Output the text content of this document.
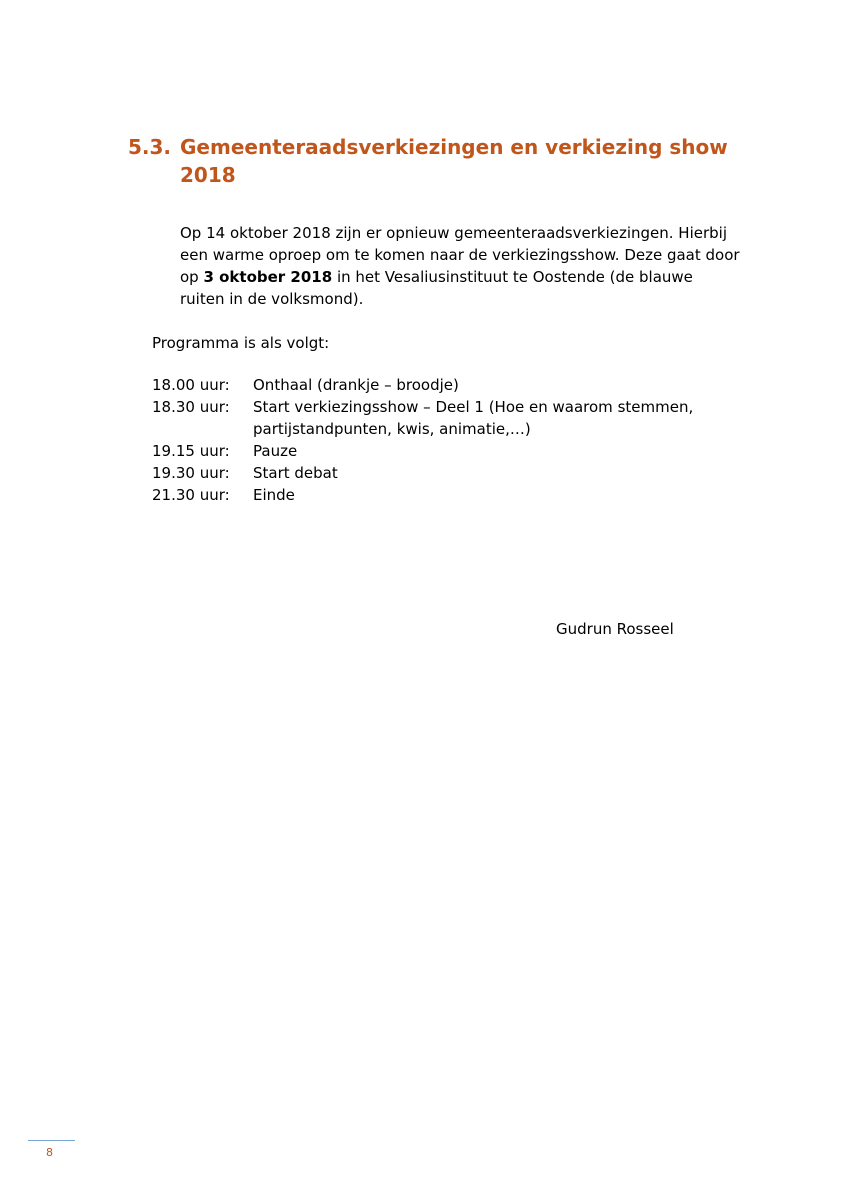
5.3. Gemeenteraadsverkiezingen en verkiezing show 2018

Op 14 oktober 2018 zijn er opnieuw gemeenteraadsverkiezingen. Hierbij een warme oproep om te komen naar de verkiezingsshow. Deze gaat door op 3 oktober 2018 in het Vesaliusinstituut te Oostende (de blauwe ruiten in de volksmond).

Programma is als volgt:

18.00 uur:	Onthaal (drankje – broodje)
18.30 uur:	Start verkiezingsshow – Deel 1 (Hoe en waarom stemmen, partijstandpunten, kwis, animatie,…)
19.15 uur:	Pauze
19.30 uur:	Start debat
21.30 uur:	Einde
Gudrun Rosseel
8
